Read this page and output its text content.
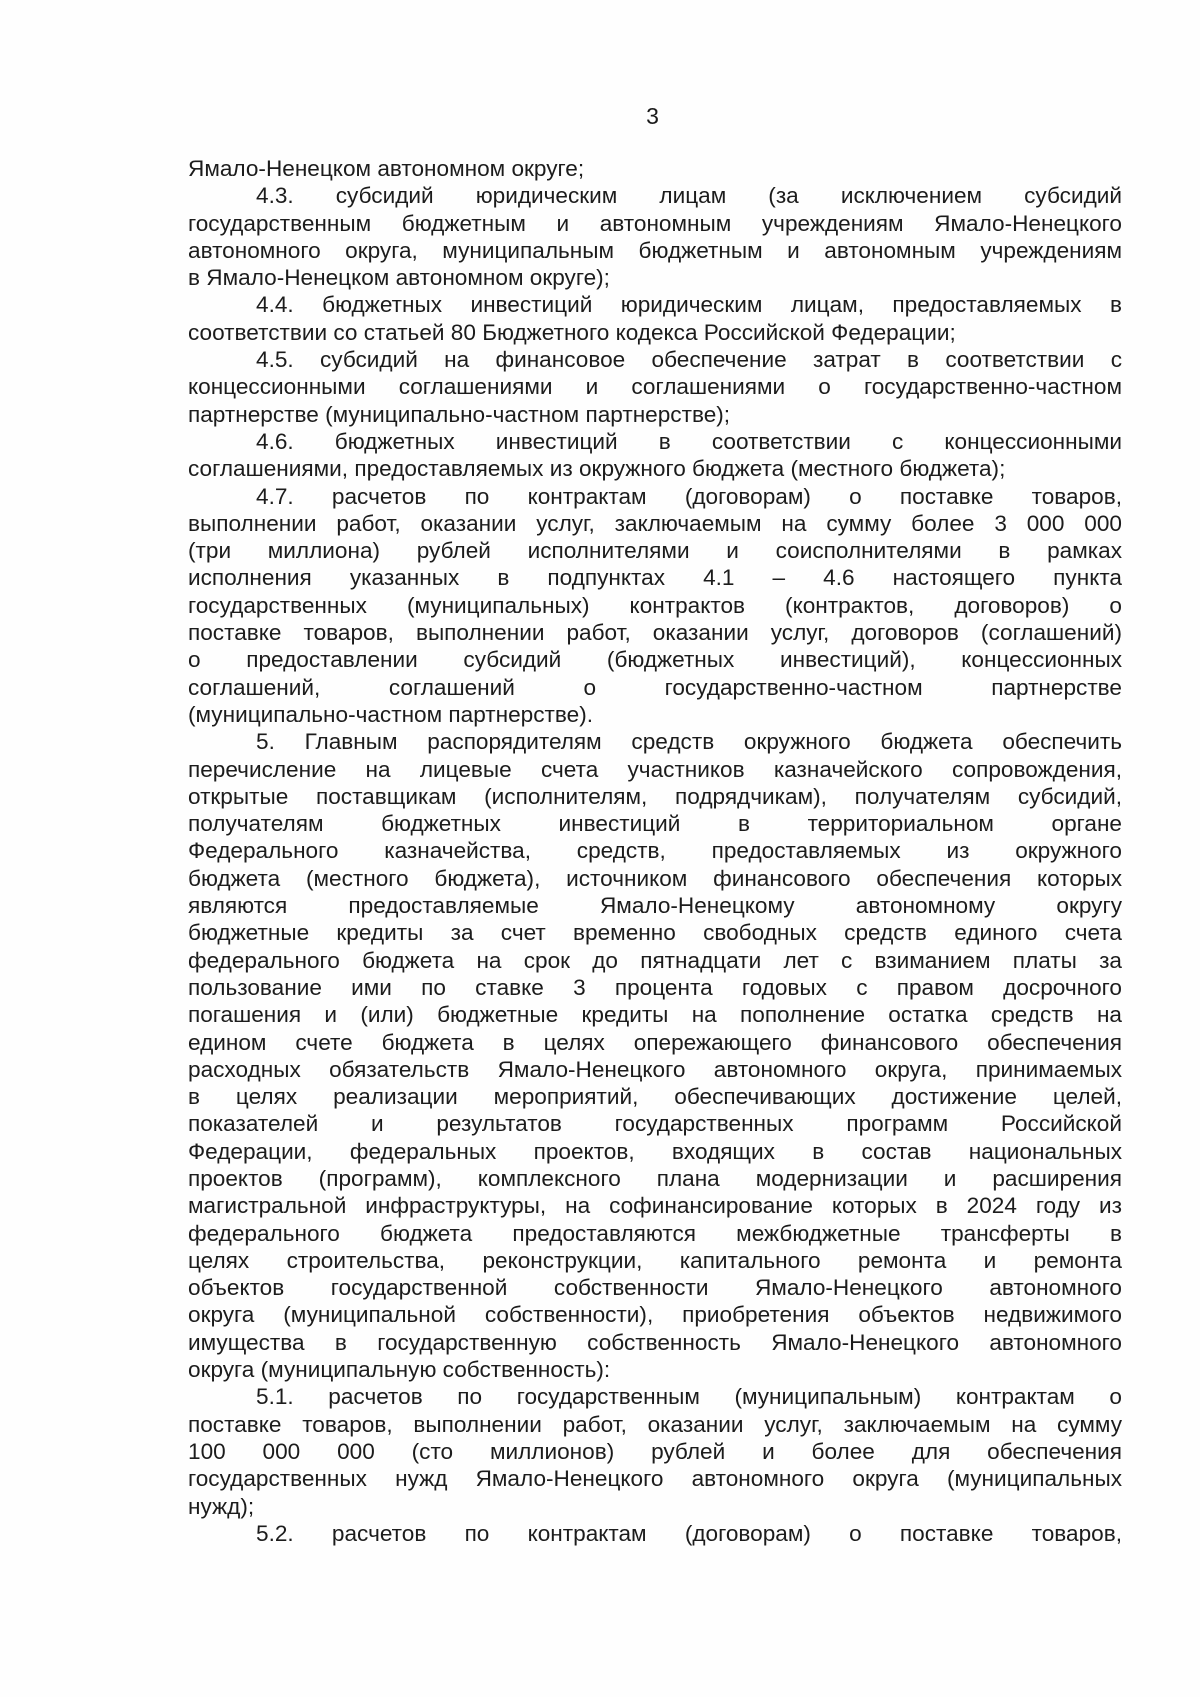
3
Ямало-Ненецком автономном округе;
4.3. субсидий юридическим лицам (за исключением субсидий
государственным бюджетным и автономным учреждениям Ямало-Ненецкого
автономного округа, муниципальным бюджетным и автономным учреждениям
в Ямало-Ненецком автономном округе);
4.4. бюджетных инвестиций юридическим лицам, предоставляемых в
соответствии со статьей 80 Бюджетного кодекса Российской Федерации;
4.5. субсидий на финансовое обеспечение затрат в соответствии с
концессионными соглашениями и соглашениями о государственно-частном
партнерстве (муниципально-частном партнерстве);
4.6. бюджетных инвестиций в соответствии с концессионными
соглашениями, предоставляемых из окружного бюджета (местного бюджета);
4.7. расчетов по контрактам (договорам) о поставке товаров,
выполнении работ, оказании услуг, заключаемым на сумму более 3 000 000
(три миллиона) рублей исполнителями и соисполнителями в рамках
исполнения указанных в подпунктах 4.1 – 4.6 настоящего пункта
государственных (муниципальных) контрактов (контрактов, договоров) о
поставке товаров, выполнении работ, оказании услуг, договоров (соглашений)
о предоставлении субсидий (бюджетных инвестиций), концессионных
соглашений, соглашений о государственно-частном партнерстве
(муниципально-частном партнерстве).
5. Главным распорядителям средств окружного бюджета обеспечить
перечисление на лицевые счета участников казначейского сопровождения,
открытые поставщикам (исполнителям, подрядчикам), получателям субсидий,
получателям бюджетных инвестиций в территориальном органе
Федерального казначейства, средств, предоставляемых из окружного
бюджета (местного бюджета), источником финансового обеспечения которых
являются предоставляемые Ямало-Ненецкому автономному округу
бюджетные кредиты за счет временно свободных средств единого счета
федерального бюджета на срок до пятнадцати лет с взиманием платы за
пользование ими по ставке 3 процента годовых с правом досрочного
погашения и (или) бюджетные кредиты на пополнение остатка средств на
едином счете бюджета в целях опережающего финансового обеспечения
расходных обязательств Ямало-Ненецкого автономного округа, принимаемых
в целях реализации мероприятий, обеспечивающих достижение целей,
показателей и результатов государственных программ Российской
Федерации, федеральных проектов, входящих в состав национальных
проектов (программ), комплексного плана модернизации и расширения
магистральной инфраструктуры, на софинансирование которых в 2024 году из
федерального бюджета предоставляются межбюджетные трансферты в
целях строительства, реконструкции, капитального ремонта и ремонта
объектов государственной собственности Ямало-Ненецкого автономного
округа (муниципальной собственности), приобретения объектов недвижимого
имущества в государственную собственность Ямало-Ненецкого автономного
округа (муниципальную собственность):
5.1. расчетов по государственным (муниципальным) контрактам о
поставке товаров, выполнении работ, оказании услуг, заключаемым на сумму
100 000 000 (сто миллионов) рублей и более для обеспечения
государственных нужд Ямало-Ненецкого автономного округа (муниципальных
нужд);
5.2. расчетов по контрактам (договорам) о поставке товаров,
